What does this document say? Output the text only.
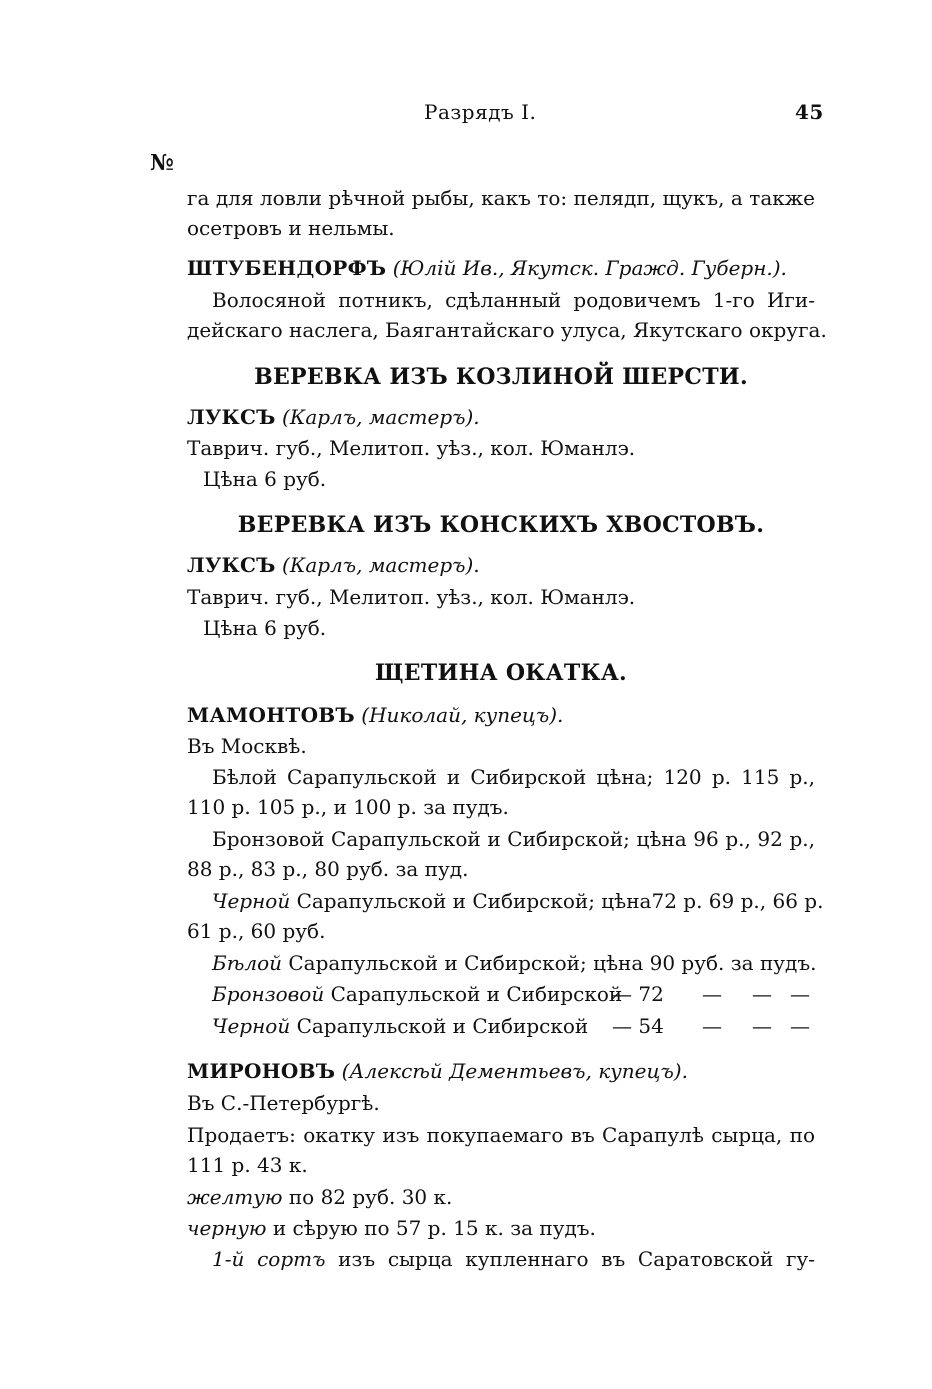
Разрядъ I.	45
№
га для ловли рѣчной рыбы, какъ то: пелядп, щукъ, а также
осетровъ и нельмы.
ШТУБЕНДОРФЪ (Юлій Ив., Якутск. Гражд. Губерн.).
Волосяной потникъ, сдѣланный родовичемъ 1-го Иги-
дейскаго наслега, Баягантайскаго улуса, Якутскаго округа.
ВЕРЕВКА ИЗЪ КОЗЛИНОЙ ШЕРСТИ.
ЛУКСЪ (Карлъ, мастеръ).
Таврич. губ., Мелитоп. уѣз., кол. Юманлэ.
Цѣна 6 руб.
ВЕРЕВКА ИЗЪ КОНСКИХЪ ХВОСТОВЪ.
ЛУКСЪ (Карлъ, мастеръ).
Таврич. губ., Мелитоп. уѣз., кол. Юманлэ.
Цѣна 6 руб.
ЩЕТИНА ОКАТКА.
МАМОНТОВЪ (Николай, купецъ).
Въ Москвѣ.
Бѣлой Сарапульской и Сибирской цѣна; 120 р. 115 р.,
110 р. 105 р., и 100 р. за пудъ.
Бронзовой Сарапульской и Сибирской; цѣна 96 р., 92 р.,
88 р., 83 р., 80 руб. за пуд.
Черной Сарапульской и Сибирской; цѣна72 р. 69 р., 66 р.
61 р., 60 руб.
Бѣлой Сарапульской и Сибирской; цѣна 90 руб. за пудъ.
Бронзовой Сарапульской и Сибирской
— 72 — — —
Черной Сарапульской и Сибирской — 54 — — —
МИРОНОВЪ (Алексѣй Дементьевъ, купецъ).
Въ С.-Петербургѣ.
Продаетъ: окатку изъ покупаемаго въ Сарапулѣ сырца, по
111 р. 43 к.
желтую по 82 руб. 30 к.
черную и сѣрую по 57 р. 15 к. за пудъ.
1-й сортъ изъ сырца купленнаго въ Саратовской гу-
